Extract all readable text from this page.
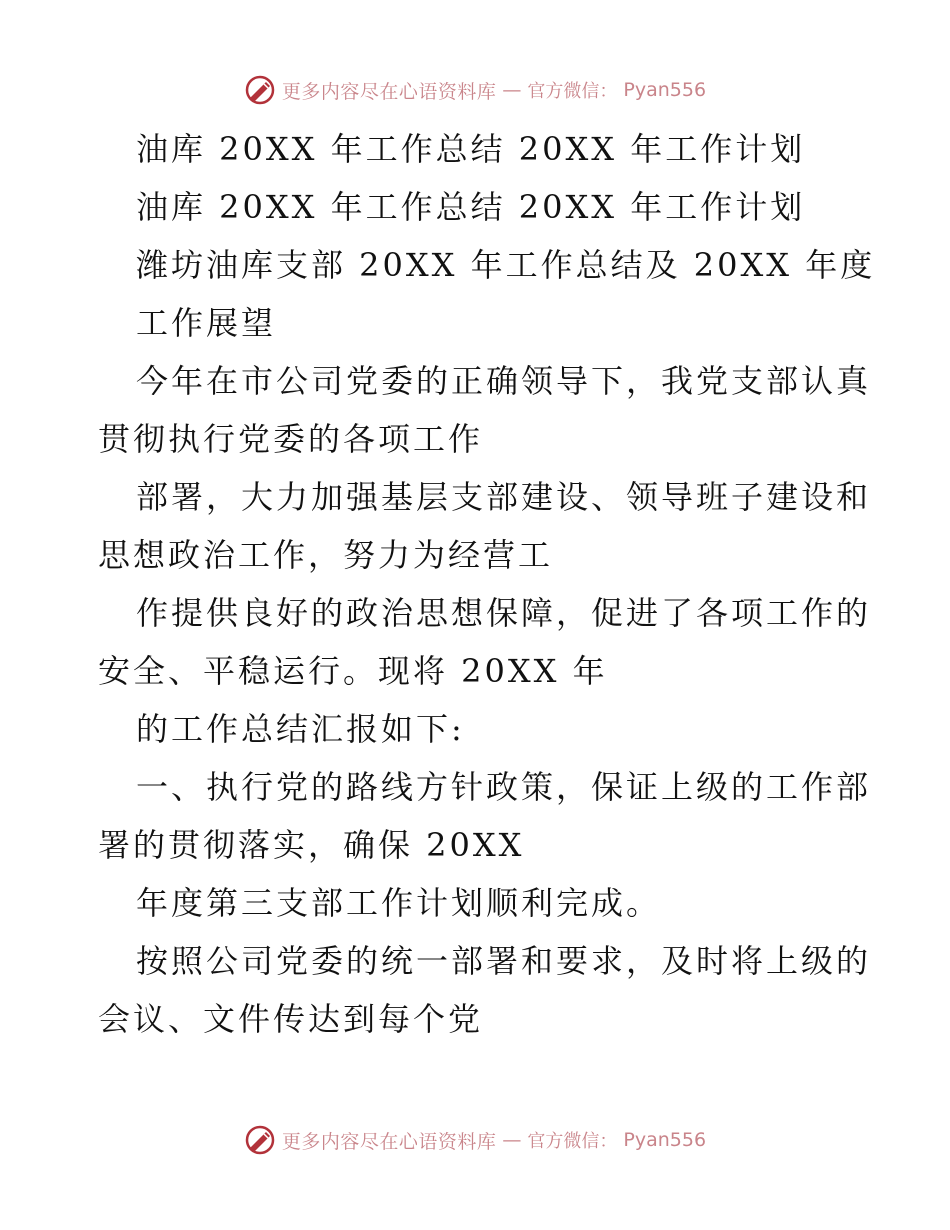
更多内容尽在心语资料库 — 官方微信： Pyan556
油库 20XX 年工作总结 20XX 年工作计划
油库 20XX 年工作总结 20XX 年工作计划
潍坊油库支部 20XX 年工作总结及 20XX 年度
工作展望
今年在市公司党委的正确领导下，我党支部认真
贯彻执行党委的各项工作
部署，大力加强基层支部建设、领导班子建设和
思想政治工作，努力为经营工
作提供良好的政治思想保障，促进了各项工作的
安全、平稳运行。现将 20XX 年
的工作总结汇报如下:
一、执行党的路线方针政策，保证上级的工作部
署的贯彻落实，确保 20XX
年度第三支部工作计划顺利完成。
按照公司党委的统一部署和要求，及时将上级的
会议、文件传达到每个党
更多内容尽在心语资料库 — 官方微信： Pyan556
